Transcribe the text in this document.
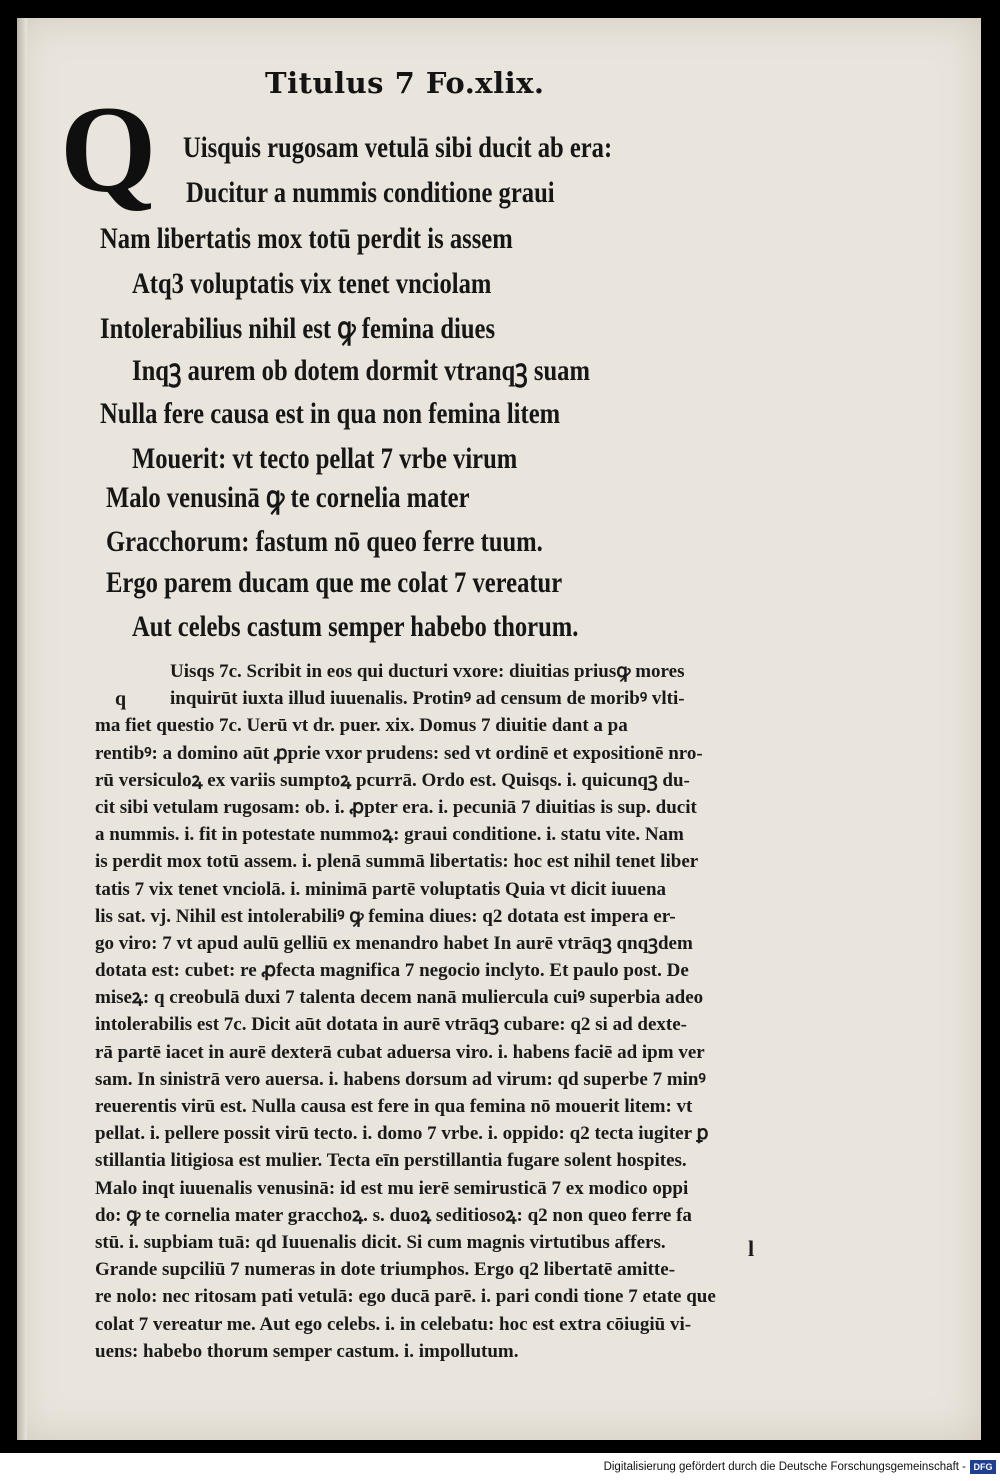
Titulus 7 Fo.xlix.
Q Uisquis rugosam vetulā sibi ducit ab era:
Ducitur a nummis conditione graui
Nam libertatis mox totū perdit is assem
Atq3 voluptatis vix tenet vnciolam
Intolerabilius nihil est ꝙ femina diues
Inqꝫ aurem ob dotem dormit vtranqꝫ suam
Nulla fere causa est in qua non femina litem
Mouerit: vt tecto pellat 7 vrbe virum
Malo venusinā ꝙ te cornelia mater
Gracchorum: fastum nō queo ferre tuum.
Ergo parem ducam que me colat 7 vereatur
Aut celebs castum semper habebo thorum.
q
Uisqs 7c. Scribit in eos qui ducturi vxore: diuitias priusꝙ mores
inquirūt iuxta illud iuuenalis. Protinꝰ ad censum de moribꝰ vlti-
ma fiet questio 7c. Uerū vt dr. puer. xix. Domus 7 diuitie dant a pa
rentibꝰ: a domino aūt ꝓprie vxor prudens: sed vt ordinē et expositionē nro-
rū versiculoꝝ ex variis sumptoꝝ pcurrā. Ordo est. Quisqs. i. quicunqꝫ du-
cit sibi vetulam rugosam: ob. i. ꝓpter era. i. pecuniā 7 diuitias is sup. ducit
a nummis. i. fit in potestate nummoꝝ: graui conditione. i. statu vite. Nam
is perdit mox totū assem. i. plenā summā libertatis: hoc est nihil tenet liber
tatis 7 vix tenet vnciolā. i. minimā partē voluptatis Quia vt dicit iuuena
lis sat. vj. Nihil est intolerabiliꝰ ꝙ femina diues: q2 dotata est impera er-
go viro: 7 vt apud aulū gelliū ex menandro habet In aurē vtrāqꝫ qnqꝫdem
dotata est: cubet: re ꝓfecta magnifica 7 negocio inclyto. Et paulo post. De
miseꝝ: q creobulā duxi 7 talenta decem nanā muliercula cuiꝰ superbia adeo
intolerabilis est 7c. Dicit aūt dotata in aurē vtrāqꝫ cubare: q2 si ad dexte-
rā partē iacet in aurē dexterā cubat aduersa viro. i. habens faciē ad ipm ver
sam. In sinistrā vero auersa. i. habens dorsum ad virum: qd superbe 7 minꝰ
reuerentis virū est. Nulla causa est fere in qua femina nō mouerit litem: vt
pellat. i. pellere possit virū tecto. i. domo 7 vrbe. i. oppido: q2 tecta iugiter ꝑ
stillantia litigiosa est mulier. Tecta eīn perstillantia fugare solent hospites.
Malo inqt iuuenalis venusinā: id est mu ierē semirusticā 7 ex modico oppi
do: ꝙ te cornelia mater gracchoꝝ. s. duoꝝ seditiosoꝝ: q2 non queo ferre fa
stū. i. supbiam tuā: qd Iuuenalis dicit. Si cum magnis virtutibus affers.
Grande supciliū 7 numeras in dote triumphos. Ergo q2 libertatē amitte-
re nolo: nec ritosam pati vetulā: ego ducā parē. i. pari condi tione 7 etate que
colat 7 vereatur me. Aut ego celebs. i. in celebatu: hoc est extra cōiugiū vi-
uens: habebo thorum semper castum. i. impollutum.
l
Digitalisierung gefördert durch die Deutsche Forschungsgemeinschaft - DFG
